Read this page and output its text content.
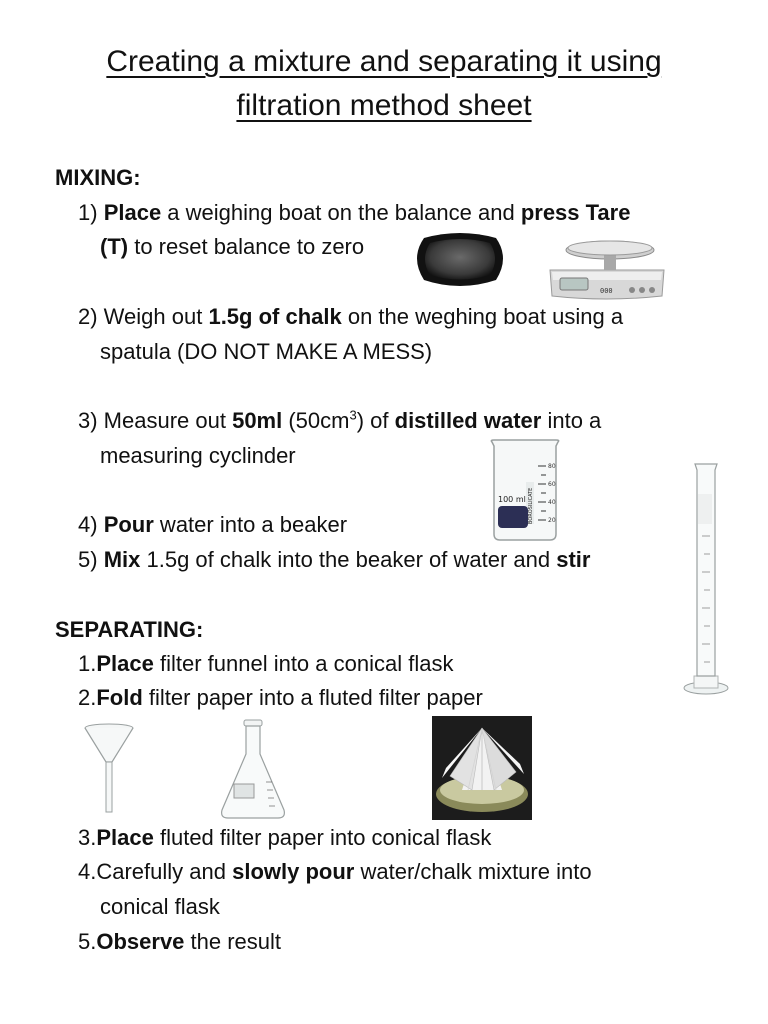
Creating a mixture and separating it using
filtration method sheet
MIXING:
1) Place a weighing boat on the balance and press Tare
(T) to reset balance to zero
2) Weigh out 1.5g of chalk on the weghing boat using a
spatula (DO NOT MAKE A MESS)
3) Measure out 50ml $(50cm^3)$ of distilled water into a
measuring cyclinder
4) Pour water into a beaker
5) Mix 1.5g of chalk into the beaker of water and stir
SEPARATING:
1.Place filter funnel into a conical flask
2.Fold filter paper into a fluted filter paper
3.Place fluted filter paper into conical flask
4.Carefully and slowly pour water/chalk mixture into
conical flask
5.Observe the result
000
80
60
40
20
100 ml BOROSILICATE
